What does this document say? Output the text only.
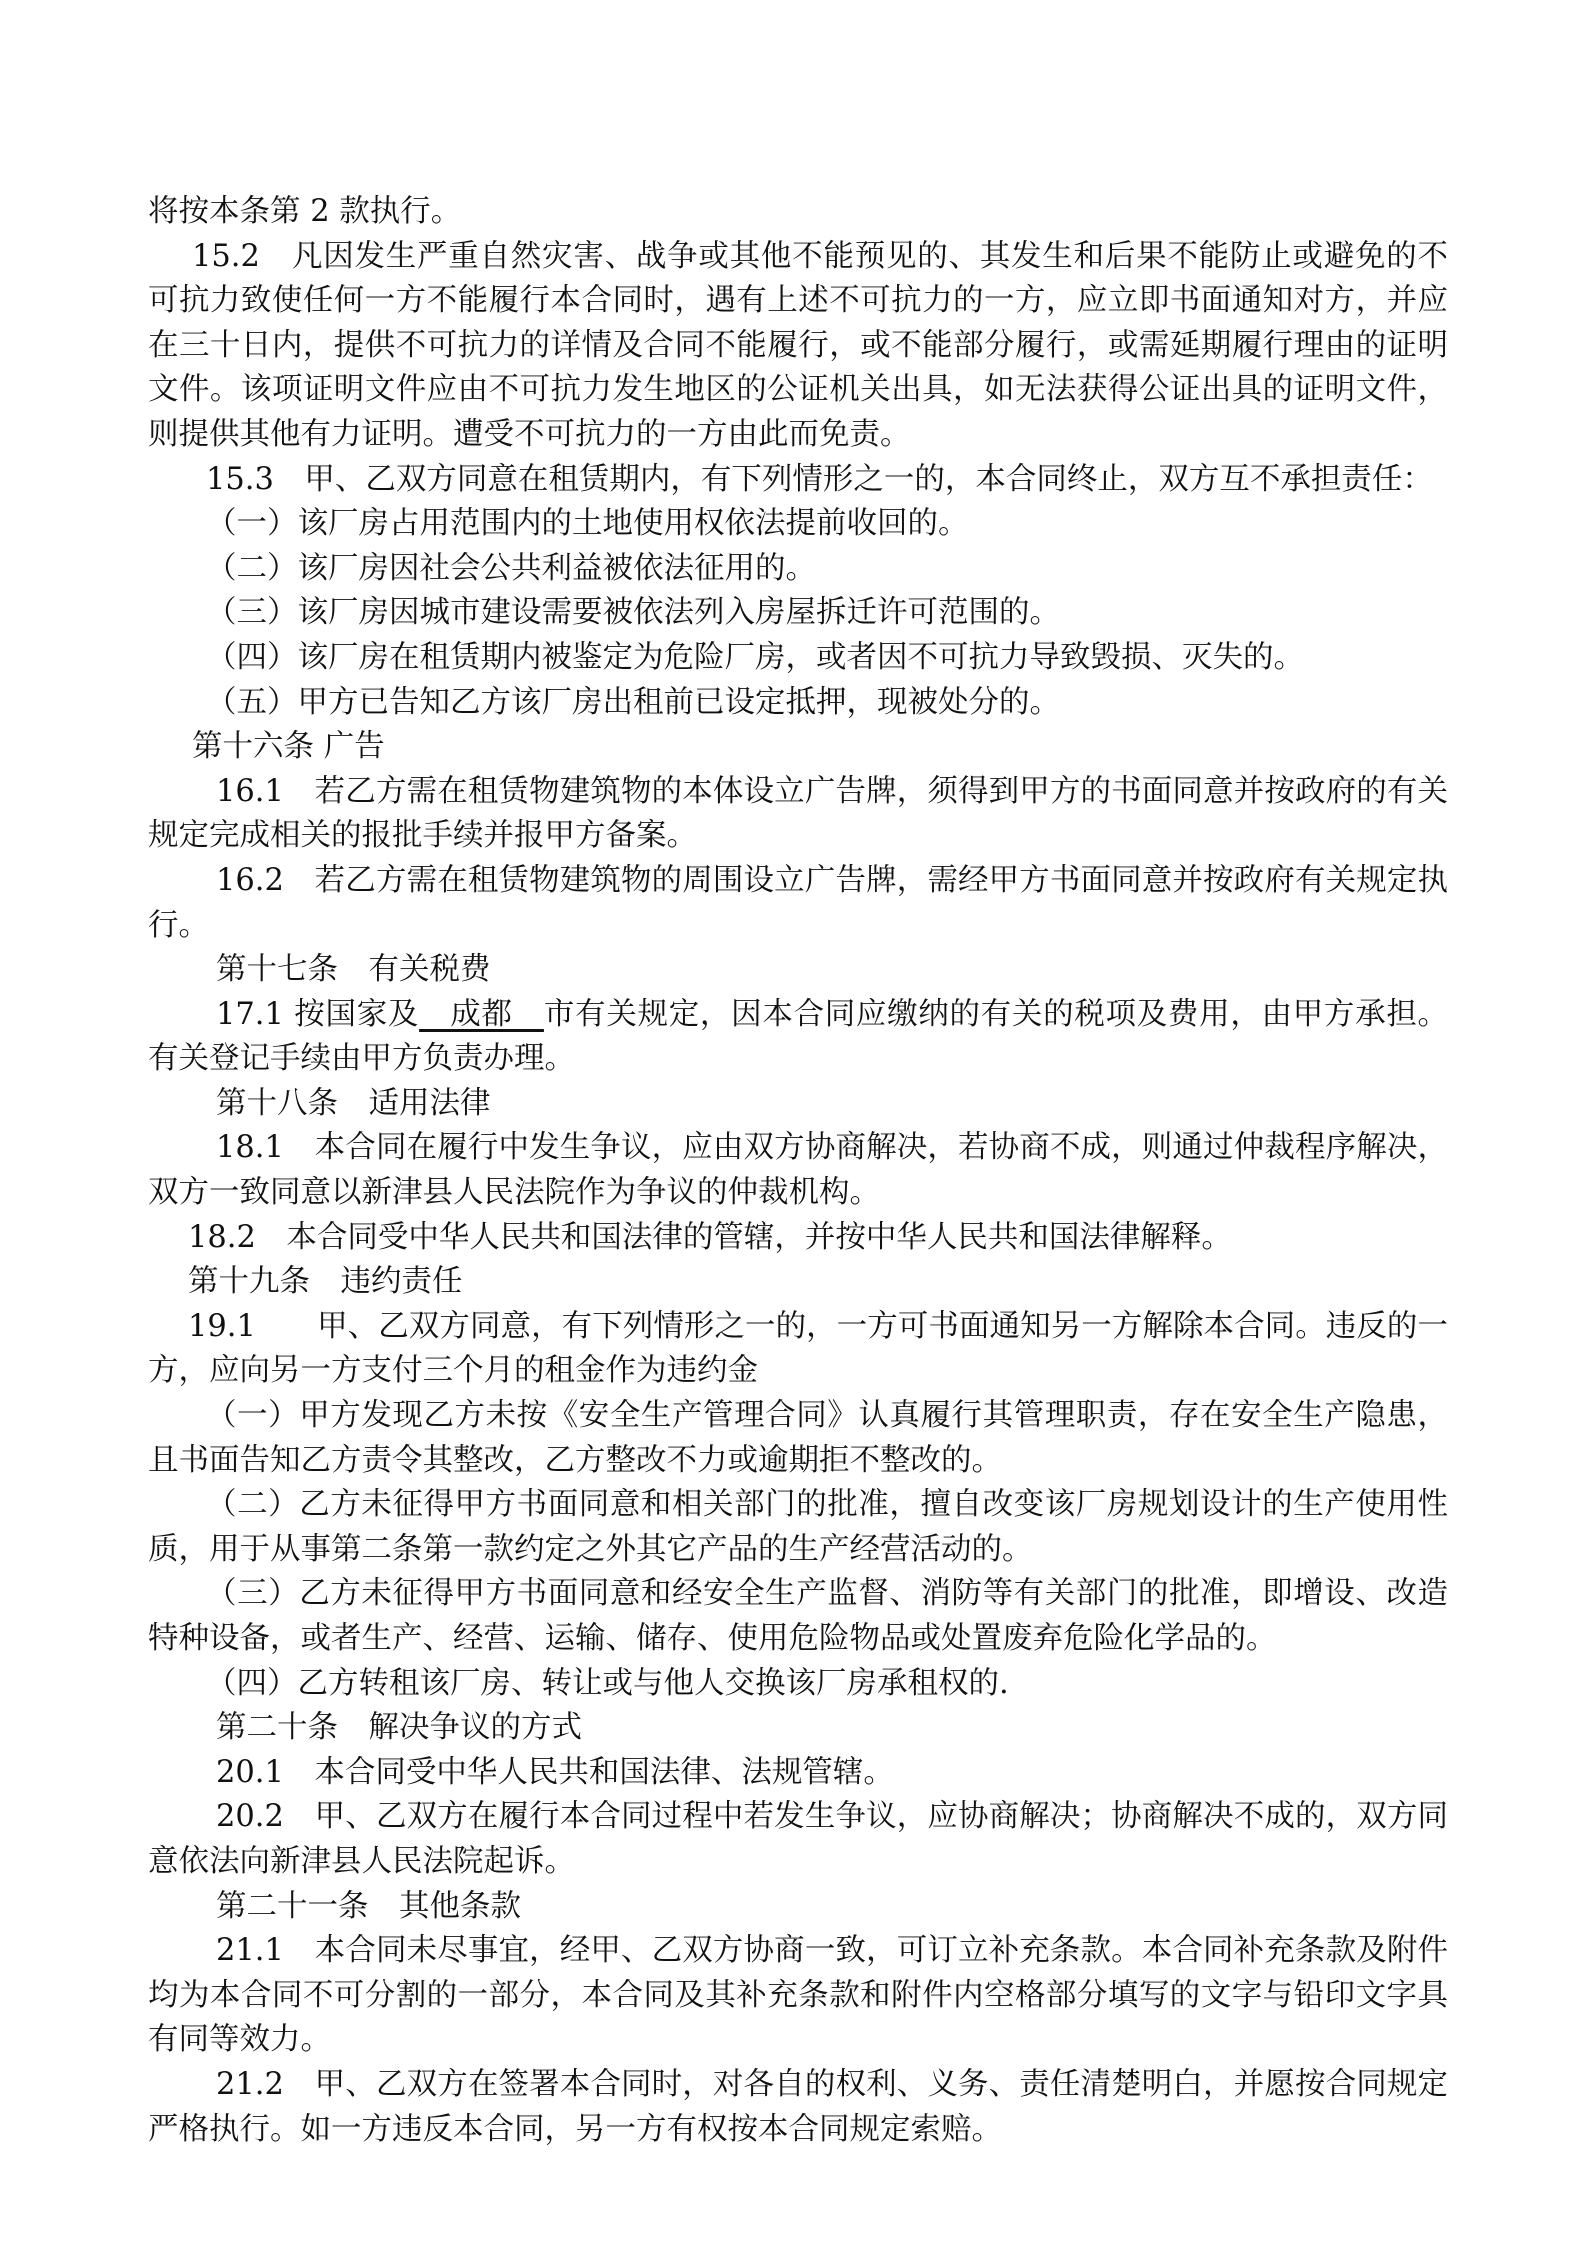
将按本条第 2 款执行。

15.2　凡因发生严重自然灾害、战争或其他不能预见的、其发生和后果不能防止或避免的不可抗力致使任何一方不能履行本合同时，遇有上述不可抗力的一方，应立即书面通知对方，并应在三十日内，提供不可抗力的详情及合同不能履行，或不能部分履行，或需延期履行理由的证明文件。该项证明文件应由不可抗力发生地区的公证机关出具，如无法获得公证出具的证明文件，则提供其他有力证明。遭受不可抗力的一方由此而免责。

15.3　甲、乙双方同意在租赁期内，有下列情形之一的，本合同终止，双方互不承担责任：

（一）该厂房占用范围内的土地使用权依法提前收回的。

（二）该厂房因社会公共利益被依法征用的。

（三）该厂房因城市建设需要被依法列入房屋拆迁许可范围的。

（四）该厂房在租赁期内被鉴定为危险厂房，或者因不可抗力导致毁损、灭失的。

（五）甲方已告知乙方该厂房出租前已设定抵押，现被处分的。

第十六条 广告

16.1　若乙方需在租赁物建筑物的本体设立广告牌，须得到甲方的书面同意并按政府的有关规定完成相关的报批手续并报甲方备案。

16.2　若乙方需在租赁物建筑物的周围设立广告牌，需经甲方书面同意并按政府有关规定执行。

第十七条　有关税费

17.1 按国家及　成都　市有关规定，因本合同应缴纳的有关的税项及费用，由甲方承担。有关登记手续由甲方负责办理。

第十八条　适用法律

18.1　本合同在履行中发生争议，应由双方协商解决，若协商不成，则通过仲裁程序解决，双方一致同意以新津县人民法院作为争议的仲裁机构。

18.2　本合同受中华人民共和国法律的管辖，并按中华人民共和国法律解释。

第十九条　违约责任

19.1　　甲、乙双方同意，有下列情形之一的，一方可书面通知另一方解除本合同。违反的一方，应向另一方支付三个月的租金作为违约金

（一）甲方发现乙方未按《安全生产管理合同》认真履行其管理职责，存在安全生产隐患，且书面告知乙方责令其整改，乙方整改不力或逾期拒不整改的。

（二）乙方未征得甲方书面同意和相关部门的批准，擅自改变该厂房规划设计的生产使用性质，用于从事第二条第一款约定之外其它产品的生产经营活动的。

（三）乙方未征得甲方书面同意和经安全生产监督、消防等有关部门的批准，即增设、改造特种设备，或者生产、经营、运输、储存、使用危险物品或处置废弃危险化学品的。

（四）乙方转租该厂房、转让或与他人交换该厂房承租权的.

第二十条　解决争议的方式

20.1　本合同受中华人民共和国法律、法规管辖。

20.2　甲、乙双方在履行本合同过程中若发生争议，应协商解决；协商解决不成的，双方同意依法向新津县人民法院起诉。

第二十一条　其他条款

21.1　本合同未尽事宜，经甲、乙双方协商一致，可订立补充条款。本合同补充条款及附件均为本合同不可分割的一部分，本合同及其补充条款和附件内空格部分填写的文字与铅印文字具有同等效力。

21.2　甲、乙双方在签署本合同时，对各自的权利、义务、责任清楚明白，并愿按合同规定严格执行。如一方违反本合同，另一方有权按本合同规定索赔。
